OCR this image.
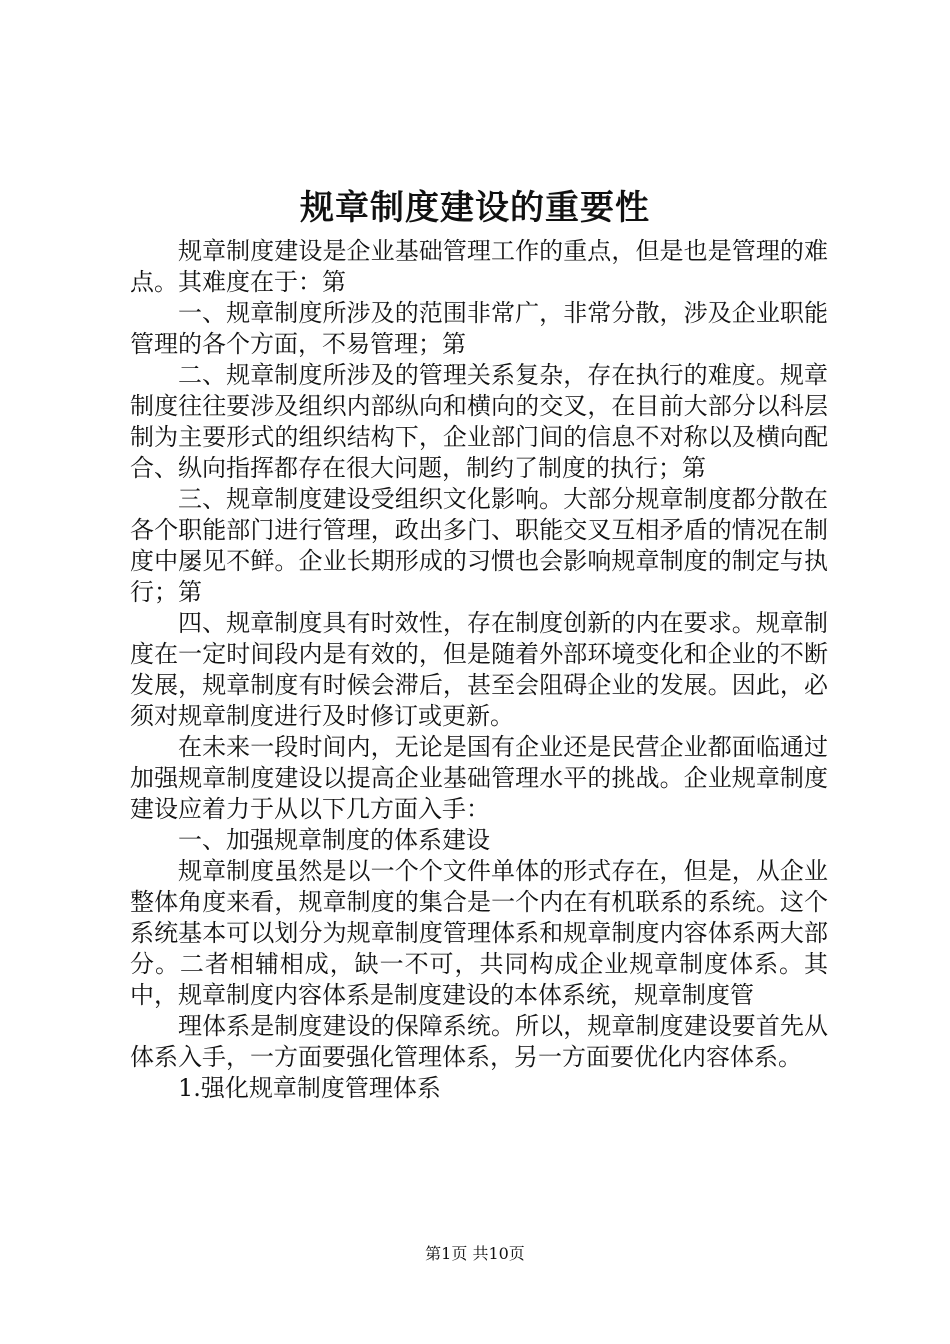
规章制度建设的重要性

规章制度建设是企业基础管理工作的重点，但是也是管理的难点。其难度在于：第

一、规章制度所涉及的范围非常广，非常分散，涉及企业职能管理的各个方面，不易管理；第

二、规章制度所涉及的管理关系复杂，存在执行的难度。规章制度往往要涉及组织内部纵向和横向的交叉，在目前大部分以科层制为主要形式的组织结构下，企业部门间的信息不对称以及横向配合、纵向指挥都存在很大问题，制约了制度的执行；第

三、规章制度建设受组织文化影响。大部分规章制度都分散在各个职能部门进行管理，政出多门、职能交叉互相矛盾的情况在制度中屡见不鲜。企业长期形成的习惯也会影响规章制度的制定与执行；第

四、规章制度具有时效性，存在制度创新的内在要求。规章制度在一定时间段内是有效的，但是随着外部环境变化和企业的不断发展，规章制度有时候会滞后，甚至会阻碍企业的发展。因此，必须对规章制度进行及时修订或更新。

在未来一段时间内，无论是国有企业还是民营企业都面临通过加强规章制度建设以提高企业基础管理水平的挑战。企业规章制度建设应着力于从以下几方面入手：

一、加强规章制度的体系建设

规章制度虽然是以一个个文件单体的形式存在，但是，从企业整体角度来看，规章制度的集合是一个内在有机联系的系统。这个系统基本可以划分为规章制度管理体系和规章制度内容体系两大部分。二者相辅相成，缺一不可，共同构成企业规章制度体系。其中，规章制度内容体系是制度建设的本体系统，规章制度管

理体系是制度建设的保障系统。所以，规章制度建设要首先从体系入手，一方面要强化管理体系，另一方面要优化内容体系。

1.强化规章制度管理体系

第1页 共10页
